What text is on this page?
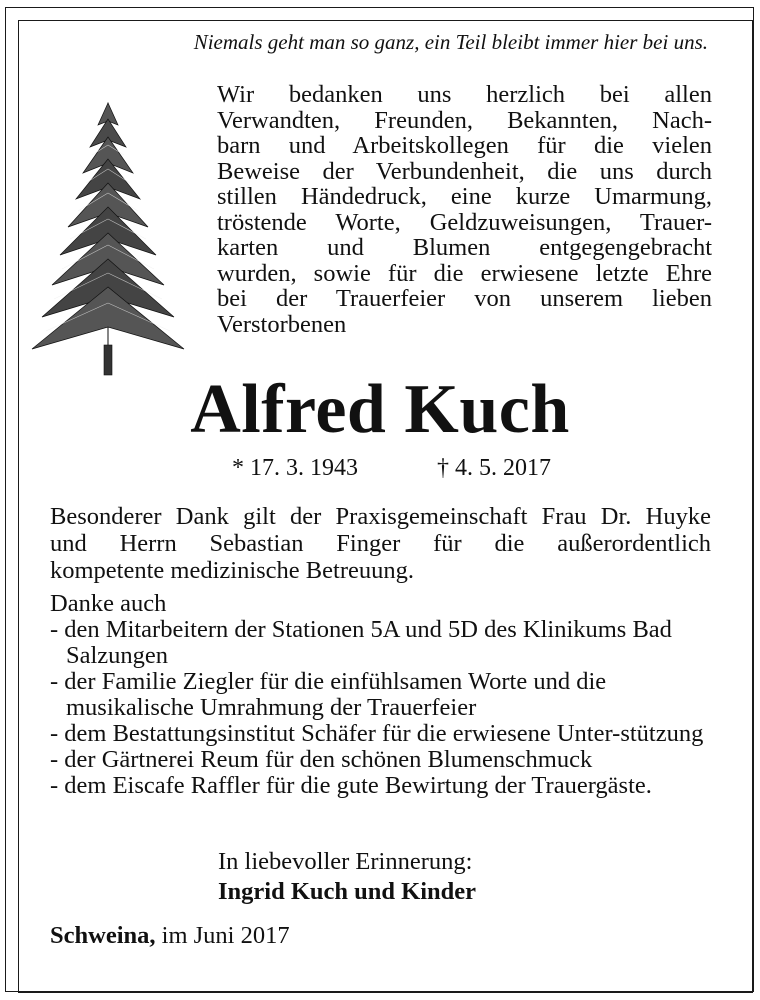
Niemals geht man so ganz, ein Teil bleibt immer hier bei uns.
Wir bedanken uns herzlich bei allen
Verwandten, Freunden, Bekannten, Nach-
barn und Arbeitskollegen für die vielen
Beweise der Verbundenheit, die uns durch
stillen Händedruck, eine kurze Umarmung,
tröstende Worte, Geldzuweisungen, Trauer-
karten und Blumen entgegengebracht
wurden, sowie für die erwiesene letzte Ehre
bei der Trauerfeier von unserem lieben
Verstorbenen
Alfred Kuch
* 17. 3. 1943	† 4. 5. 2017
Besonderer Dank gilt der Praxisgemeinschaft Frau Dr. Huyke
und Herrn Sebastian Finger für die außerordentlich
kompetente medizinische Betreuung.
Danke auch
- den Mitarbeitern der Stationen 5A und 5D des Klinikums Bad Salzungen
- der Familie Ziegler für die einfühlsamen Worte und die musikalische Umrahmung der Trauerfeier
- dem Bestattungsinstitut Schäfer für die erwiesene Unter-stützung
- der Gärtnerei Reum für den schönen Blumenschmuck
- dem Eiscafe Raffler für die gute Bewirtung der Trauergäste.
In liebevoller Erinnerung:
Ingrid Kuch und Kinder
Schweina, im Juni 2017
